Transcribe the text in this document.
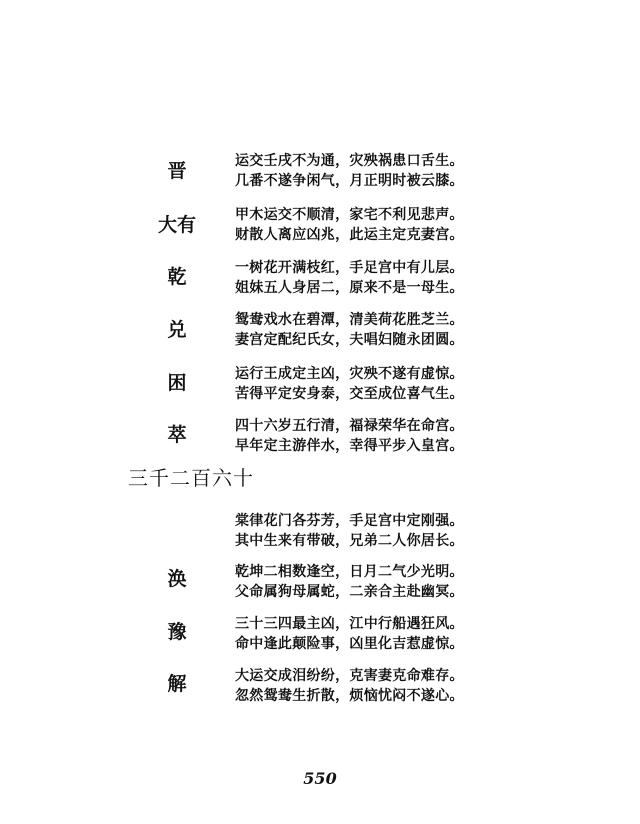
晋	运交壬戌不为通，灾殃祸患口舌生。
几番不遂争闲气，月正明时被云膝。
大有	甲木运交不顺清，家宅不利见悲声。
财散人离应凶兆，此运主定克妻宫。
乾	一树花开满枝红，手足宫中有儿层。
姐妹五人身居二，原来不是一母生。
兑	鸳鸯戏水在碧潭，清美荷花胜芝兰。
妻宫定配纪氏女，夫唱妇随永团圆。
困	运行王成定主凶，灾殃不遂有虚惊。
苦得平定安身泰，交至成位喜气生。
萃	四十六岁五行清，福禄荣华在命宫。
早年定主游伴水，幸得平步入皇宫。
三千二百六十
棠律花门各芬芳，手足宫中定刚强。
其中生来有带破，兄弟二人你居长。
涣	乾坤二相数逢空，日月二气少光明。
父命属狗母属蛇，二亲合主赴幽冥。
豫	三十三四最主凶，江中行船遇狂风。
命中逢此颠险事，凶里化吉惹虚惊。
解	大运交成泪纷纷，克害妻克命难存。
忽然鸳鸯生折散，烦恼忧闷不遂心。
550
